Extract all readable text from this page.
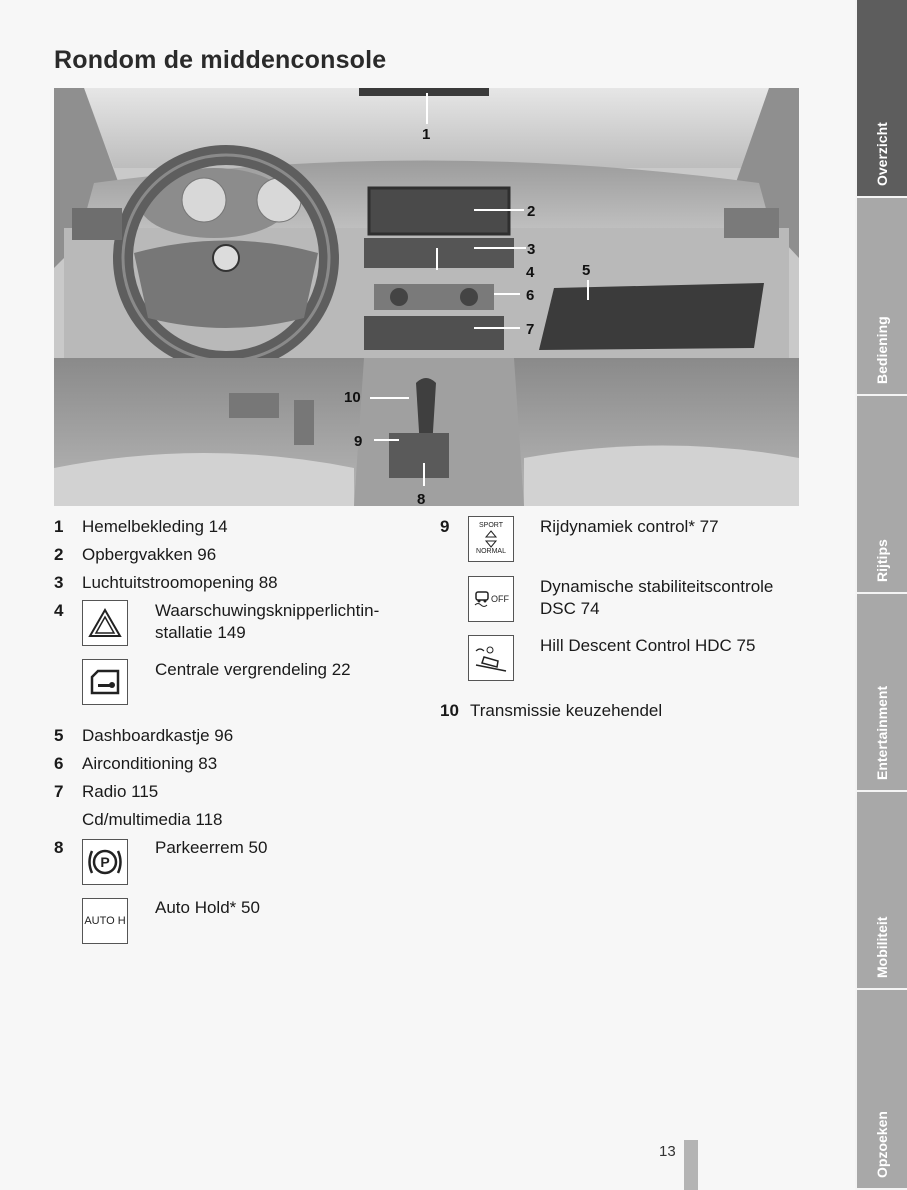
Rondom de middenconsole
1
2
3
4	5
6
7
8
9
10
1 Hemelbekleding 14
2 Opbergvakken 96
3 Luchtuitstroomopening 88
4	Waarschuwingsknipperlichtin-
stallatie 149
Centrale vergrendeling 22
5 Dashboardkastje 96
6 Airconditioning 83
7 Radio 115
Cd/multimedia 118
8
P
Parkeerrem 50
AUTO H
Auto Hold* 50
9	SPORT
NORMAL
Rijdynamiek control* 77
OFF
Dynamische stabiliteitscontrole
DSC 74
Hill Descent Control HDC 75
10 Transmissie keuzehendel
Overzicht
Bediening
Rijtips
Entertainment
Mobiliteit
Opzoeken
13
